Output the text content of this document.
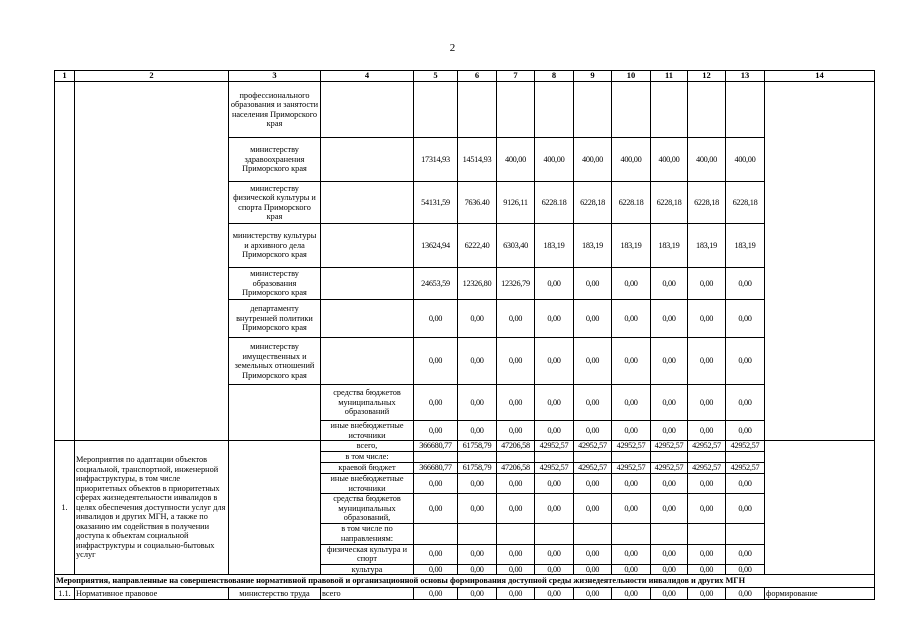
2
1	2	3	4	5	6	7	8	9	10	11	12	13	14
		профессионального образования и занятости населения Приморского края											
		министерству здравоохранения Приморского края		17314,93	14514,93	400,00	400,00	400,00	400,00	400,00	400,00	400,00	
		министерству физической культуры и спорта Приморского края		54131,59	7636.40	9126,11	6228.18	6228,18	6228.18	6228,18	6228,18	6228,18	
		министерству культуры и архивного дела Приморского края		13624,94	6222,40	6303,40	183,19	183,19	183,19	183,19	183,19	183,19	
		министерству образования Приморского края		24653,59	12326,80	12326,79	0,00	0,00	0,00	0,00	0,00	0,00	
		департаменту внутренней политики Приморского края		0,00	0,00	0,00	0,00	0,00	0,00	0,00	0,00	0,00	
		министерству имущественных и земельных отношений Приморского края		0,00	0,00	0,00	0,00	0,00	0,00	0,00	0,00	0,00	
			средства бюджетов муниципальных образований	0,00	0,00	0,00	0,00	0,00	0,00	0,00	0,00	0,00	
			иные внебюджетные источники	0,00	0,00	0,00	0,00	0,00	0,00	0,00	0,00	0,00	
1.	Мероприятия по адаптации объектов социальной, транспортной, инженерной инфраструктуры, в том числе приоритетных объектов в приоритетных сферах жизнедеятельности инвалидов в целях обеспечения доступности услуг для инвалидов и других МГН, а также по оказанию им содействия в получении доступа к объектам социальной инфраструктуры и социально-бытовых услуг		всего,	366680,77	61758,79	47206,58	42952,57	42952,57	42952,57	42952,57	42952,57	42952,57	
			в том числе:										
			краевой бюджет	366680,77	61758,79	47206,58	42952,57	42952,57	42952,57	42952,57	42952,57	42952,57	
			иные внебюджетные источники	0,00	0,00	0,00	0,00	0,00	0,00	0,00	0,00	0,00	
			средства бюджетов муниципальных образований,	0,00	0,00	0,00	0,00	0,00	0,00	0,00	0,00	0,00	
			в том числе по направлениям:										
			физическая культура и спорт	0,00	0,00	0,00	0,00	0,00	0,00	0,00	0,00	0,00	
			культура	0,00	0,00	0,00	0,00	0,00	0,00	0,00	0,00	0,00	
Мероприятия, направленные на совершенствование нормативной правовой и организационной основы формирования доступной среды жизнедеятельности инвалидов и других МГН													
1.1.	Нормативное правовое	министерство труда	всего	0,00	0,00	0,00	0,00	0,00	0,00	0,00	0,00	0,00	формирование
